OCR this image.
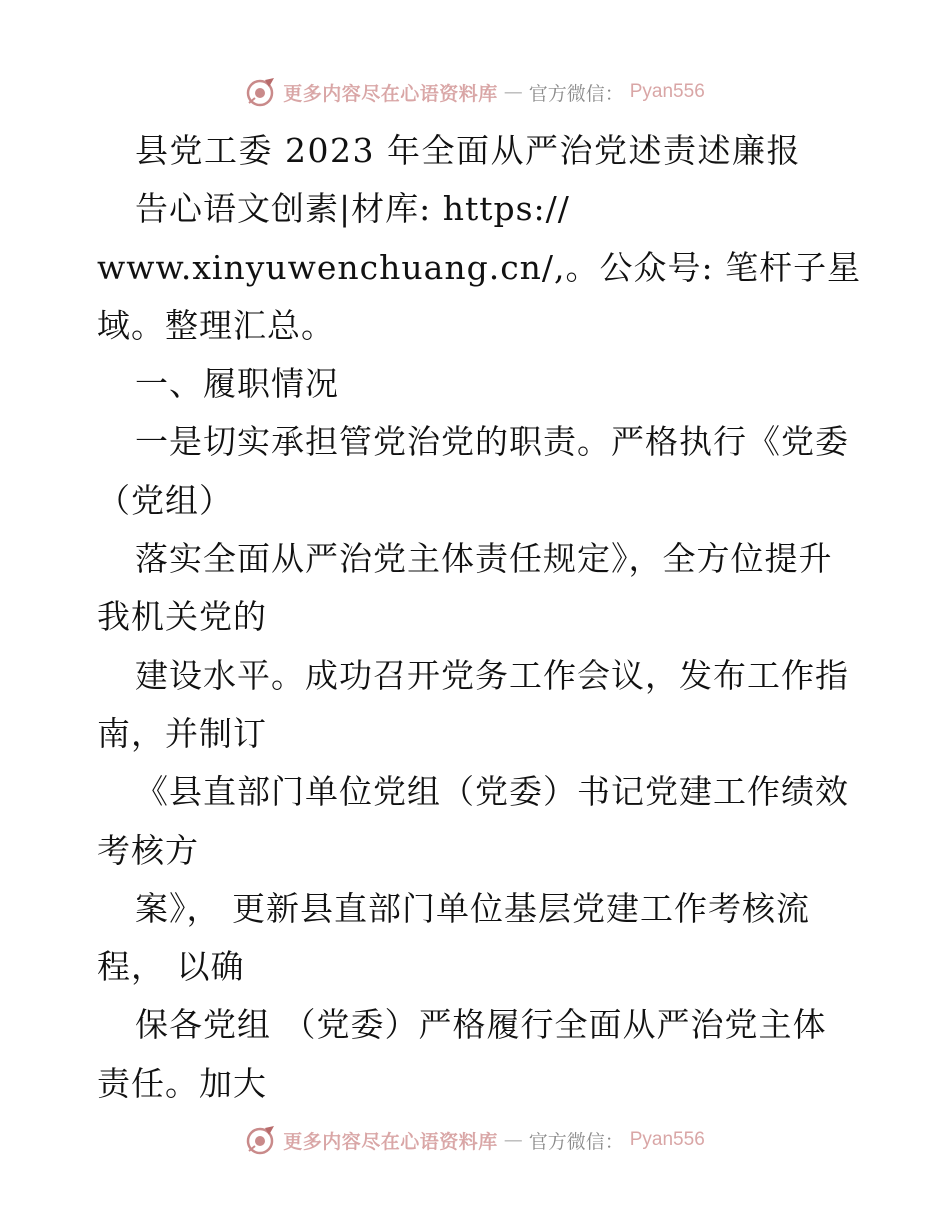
更多内容尽在心语资料库 — 官方微信： Pyan556
县党工委 2023 年全面从严治党述责述廉报
告心语文创素|材库: https://
www.xinyuwenchuang.cn/,。公众号: 笔杆子星
域。整理汇总。
一、履职情况
一是切实承担管党治党的职责。严格执行《党委
（党组）
落实全面从严治党主体责任规定》，全方位提升
我机关党的
建设水平。成功召开党务工作会议，发布工作指
南，并制订
《县直部门单位党组（党委）书记党建工作绩效
考核方
案》， 更新县直部门单位基层党建工作考核流
程， 以确
保各党组 （党委）严格履行全面从严治党主体
责任。加大
更多内容尽在心语资料库 — 官方微信： Pyan556
